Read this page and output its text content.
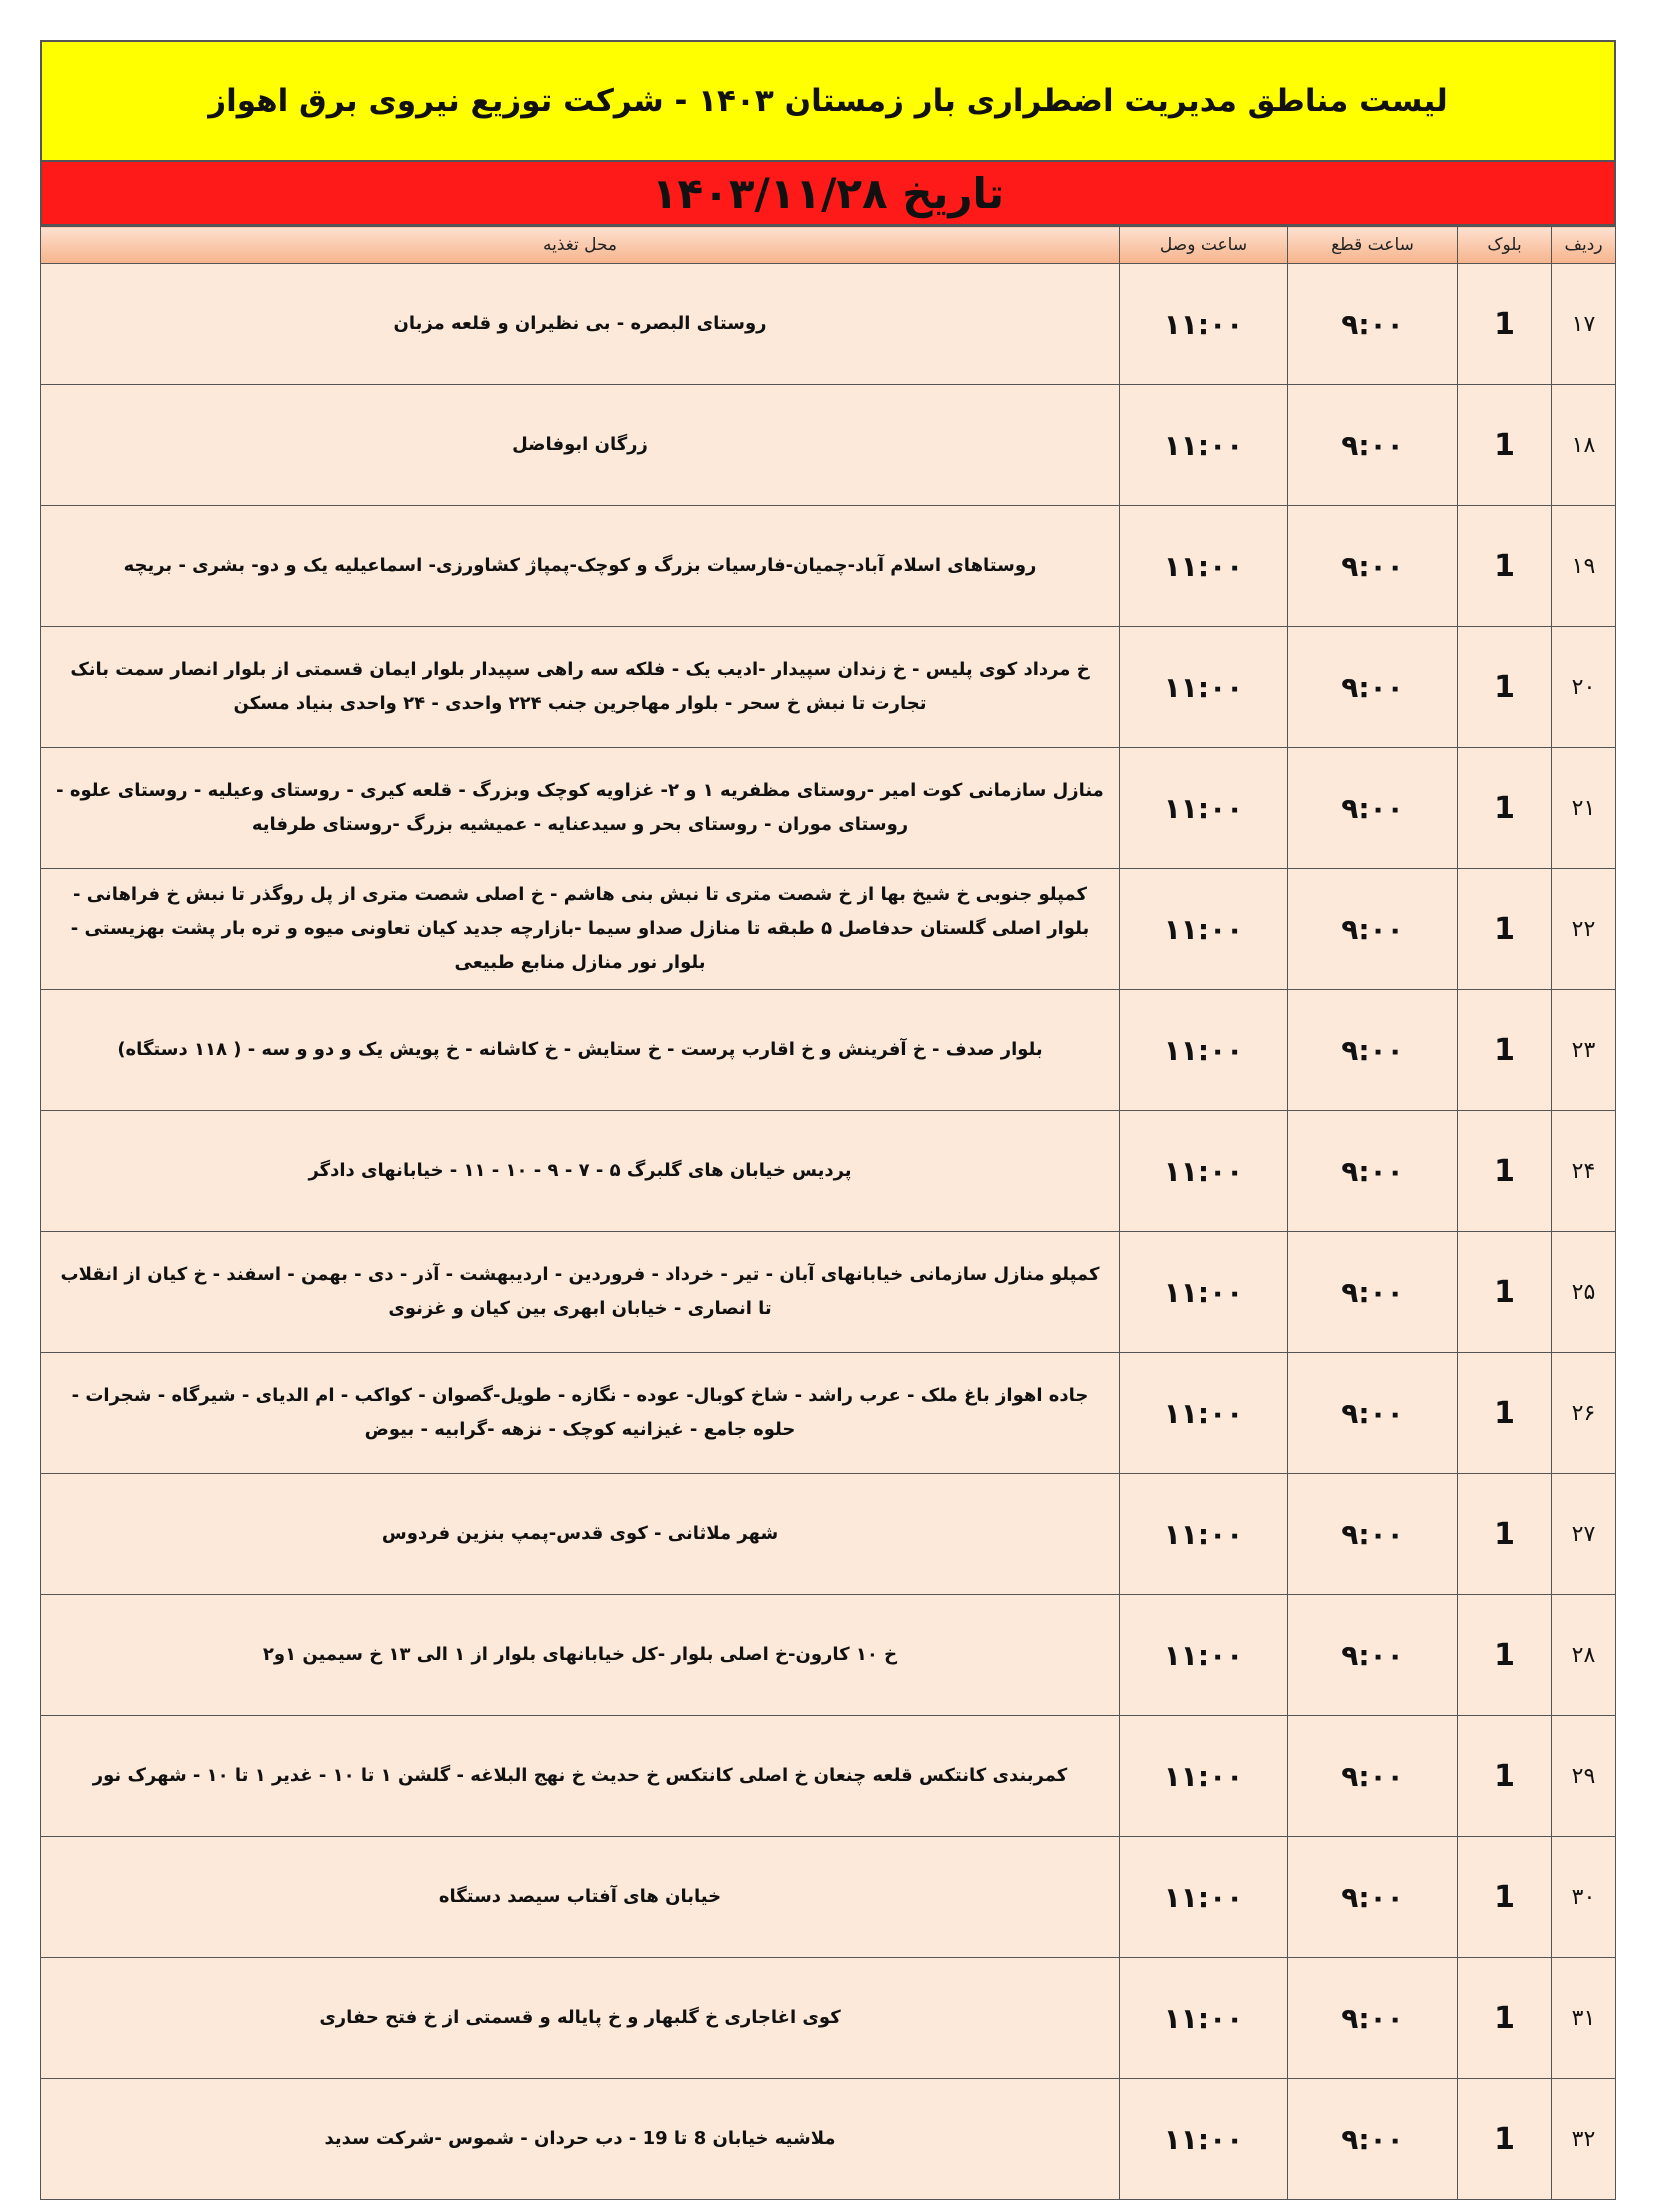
لیست مناطق مدیریت اضطراری بار زمستان ۱۴۰۳ - شرکت توزیع نیروی برق اهواز
تاریخ ۱۴۰۳/۱۱/۲۸
ردیف	بلوک	ساعت قطع	ساعت وصل	محل تغذیه
۱۷	1	۹:۰۰	۱۱:۰۰	روستای البصره - بی نظیران و قلعه مزبان
۱۸	1	۹:۰۰	۱۱:۰۰	زرگان ابوفاضل
۱۹	1	۹:۰۰	۱۱:۰۰	روستاهای اسلام آباد-چمیان-فارسیات بزرگ و کوچک-پمپاژ کشاورزی- اسماعیلیه یک و دو- بشری - بریچه
۲۰	1	۹:۰۰	۱۱:۰۰	خ مرداد کوی پلیس - خ زندان سپیدار -ادیب یک - فلکه سه راهی سپیدار بلوار ایمان قسمتی از بلوار انصار سمت بانک تجارت تا نبش خ سحر - بلوار مهاجرین جنب ۲۲۴ واحدی - ۲۴ واحدی بنیاد مسکن
۲۱	1	۹:۰۰	۱۱:۰۰	منازل سازمانی کوت امیر -روستای مظفریه ۱ و ۲- غزاویه کوچک وبزرگ - قلعه کیری - روستای وعیلیه - روستای علوه - روستای موران - روستای بحر و سیدعنایه - عمیشیه بزرگ -روستای طرفایه
۲۲	1	۹:۰۰	۱۱:۰۰	کمپلو جنوبی خ شیخ بها از خ شصت متری تا نبش بنی هاشم - خ اصلی شصت متری از پل روگذر تا نبش خ فراهانی - بلوار اصلی گلستان حدفاصل ۵ طبقه تا منازل صداو سیما -بازارچه جدید کیان تعاونی میوه و تره بار پشت بهزیستی - بلوار نور منازل منابع طبیعی
۲۳	1	۹:۰۰	۱۱:۰۰	بلوار صدف - خ آفرینش و خ اقارب پرست - خ ستایش - خ کاشانه - خ پویش یک و دو و سه - ( ۱۱۸ دستگاه)
۲۴	1	۹:۰۰	۱۱:۰۰	پردیس خیابان های گلبرگ ۵ - ۷ - ۹ - ۱۰ - ۱۱ - خیابانهای دادگر
۲۵	1	۹:۰۰	۱۱:۰۰	کمپلو منازل سازمانی خیابانهای آبان - تیر - خرداد - فروردین - اردیبهشت - آذر - دی - بهمن - اسفند - خ کیان از انقلاب تا انصاری - خیابان ابهری بین کیان و غزنوی
۲۶	1	۹:۰۰	۱۱:۰۰	جاده اهواز باغ ملک - عرب راشد - شاخ کوبال- عوده - نگازه - طویل-گصوان - کواکب - ام الدیای - شیرگاه - شجرات - حلوه جامع - غیزانیه کوچک - نزهه -گرابیه - بیوض
۲۷	1	۹:۰۰	۱۱:۰۰	شهر ملاثانی - کوی قدس-پمپ بنزین فردوس
۲۸	1	۹:۰۰	۱۱:۰۰	خ ۱۰ کارون-خ اصلی بلوار -کل خیابانهای بلوار از ۱ الی ۱۳ خ سیمین ۱و۲
۲۹	1	۹:۰۰	۱۱:۰۰	کمربندی کانتکس قلعه چنعان خ اصلی کانتکس خ حدیث خ نهج البلاغه - گلشن ۱ تا ۱۰ - غدیر ۱ تا ۱۰ - شهرک نور
۳۰	1	۹:۰۰	۱۱:۰۰	خیابان های آفتاب سیصد دستگاه
۳۱	1	۹:۰۰	۱۱:۰۰	کوی اغاجاری خ گلبهار و خ پایاله و قسمتی از خ فتح حفاری
۳۲	1	۹:۰۰	۱۱:۰۰	ملاشیه خیابان 8 تا 19 - دب حردان - شموس -شرکت سدید
